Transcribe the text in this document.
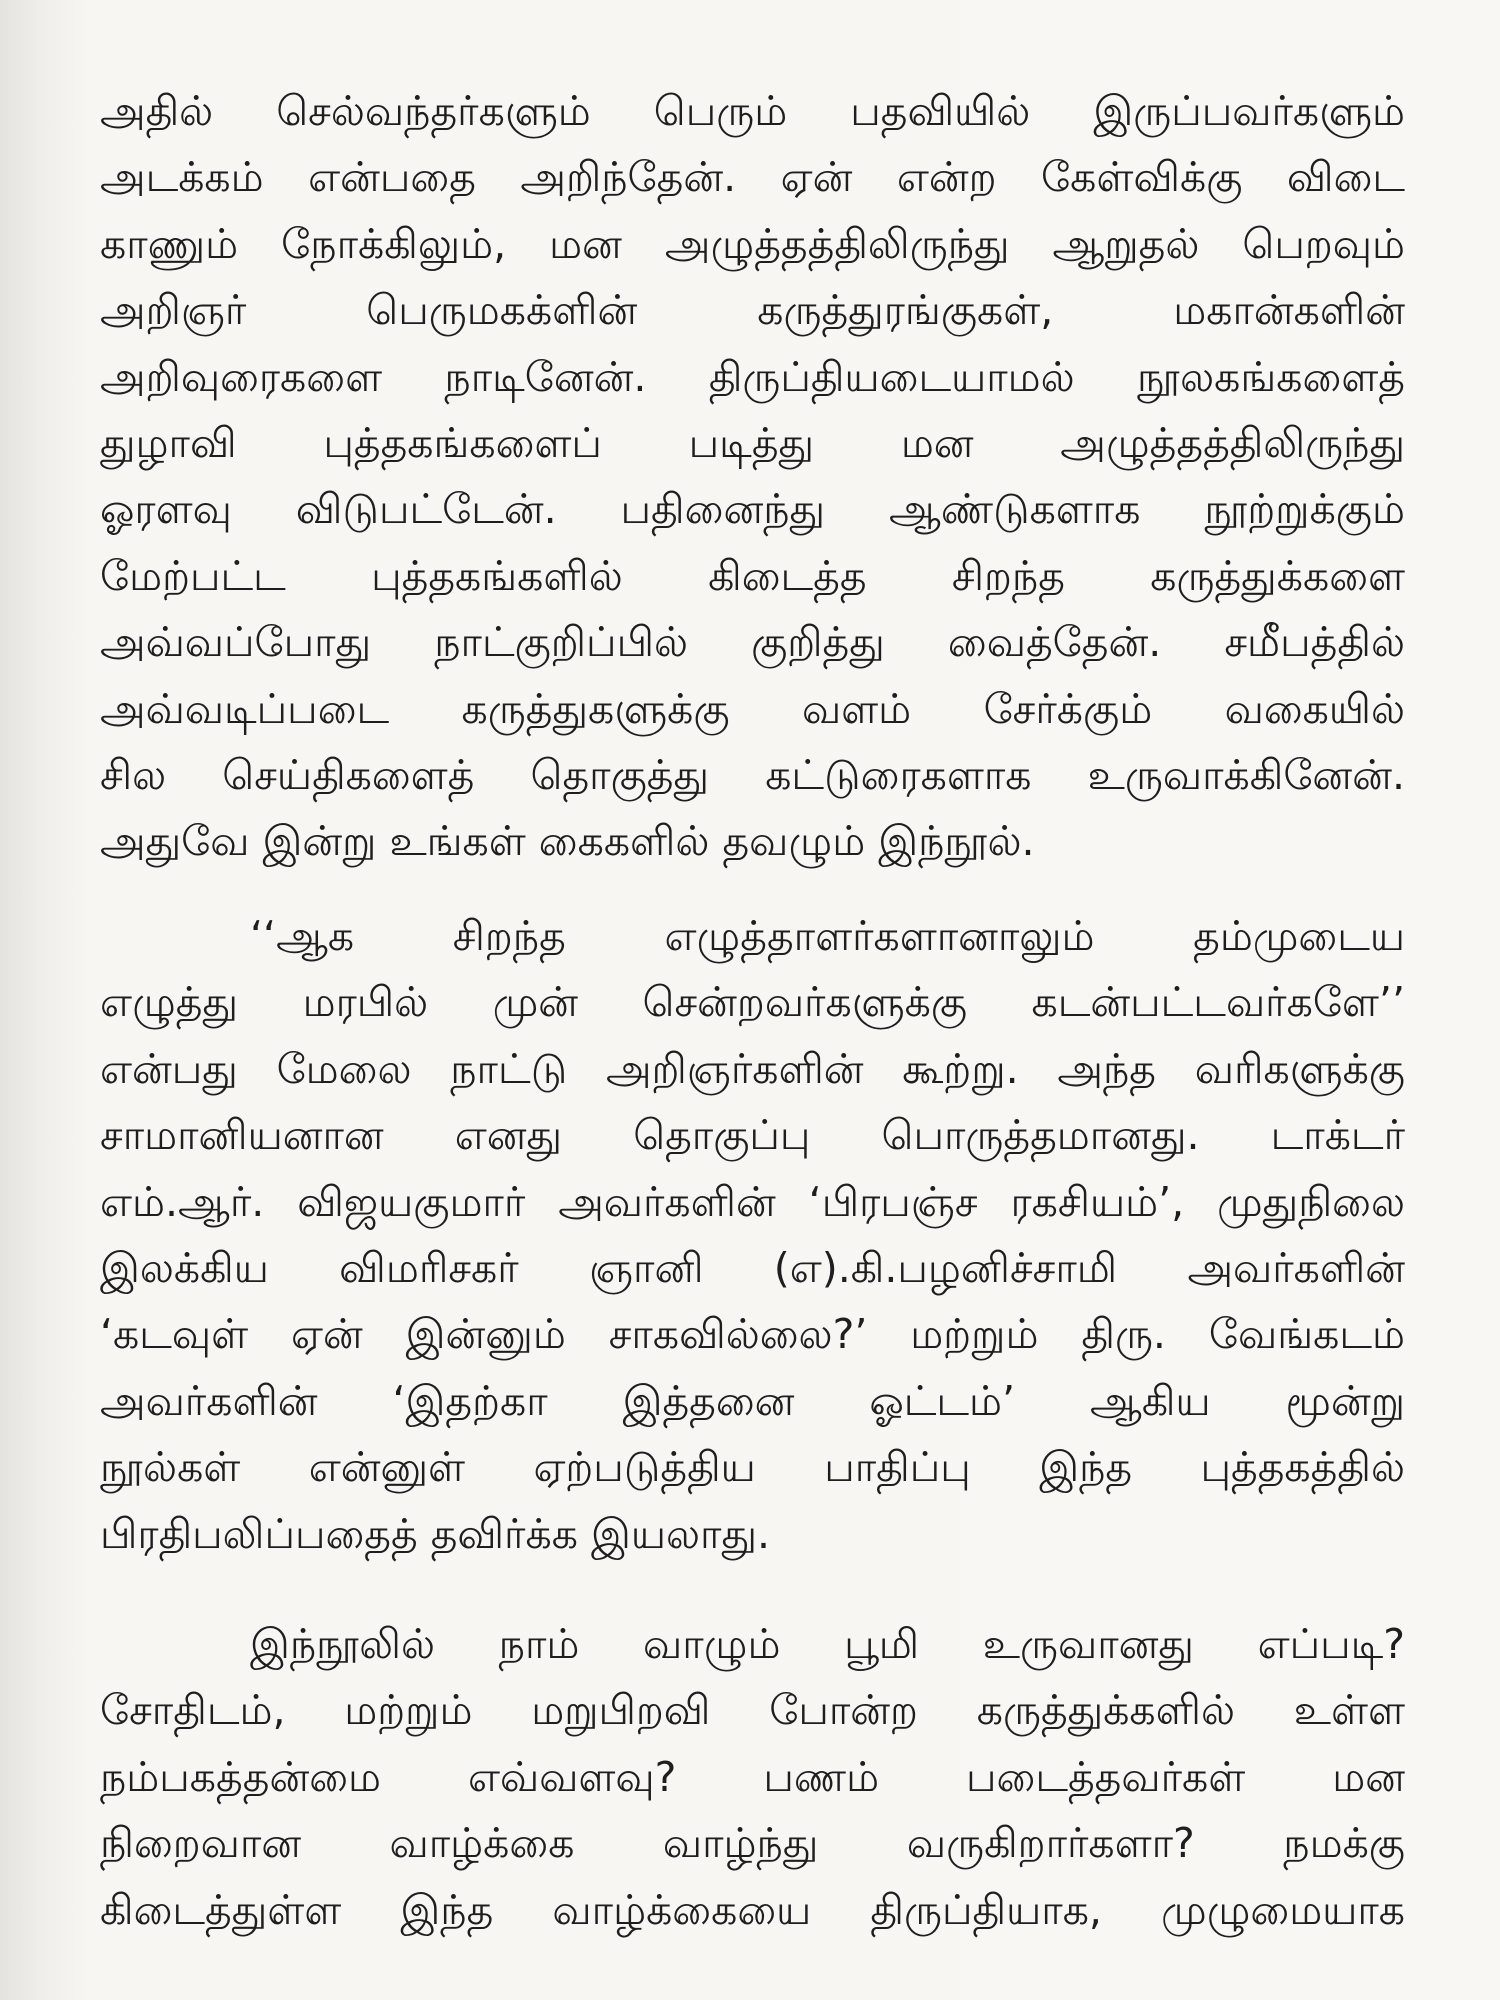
அதில் செல்வந்தர்களும் பெரும் பதவியில் இருப்பவர்களும்
அடக்கம் என்பதை அறிந்தேன். ஏன் என்ற கேள்விக்கு விடை
காணும் நோக்கிலும், மன அழுத்தத்திலிருந்து ஆறுதல் பெறவும்
அறிஞர் பெருமகக்ளின் கருத்துரங்குகள், மகான்களின்
அறிவுரைகளை நாடினேன். திருப்தியடையாமல் நூலகங்களைத்
துழாவி புத்தகங்களைப் படித்து மன அழுத்தத்திலிருந்து
ஓரளவு விடுபட்டேன். பதினைந்து ஆண்டுகளாக நூற்றுக்கும்
மேற்பட்ட புத்தகங்களில் கிடைத்த சிறந்த கருத்துக்களை
அவ்வப்போது நாட்குறிப்பில் குறித்து வைத்தேன். சமீபத்தில்
அவ்வடிப்படை கருத்துகளுக்கு வளம் சேர்க்கும் வகையில்
சில செய்திகளைத் தொகுத்து கட்டுரைகளாக உருவாக்கினேன்.
அதுவே இன்று உங்கள் கைகளில் தவழும் இந்நூல்.

‘‘ஆக சிறந்த எழுத்தாளர்களானாலும் தம்முடைய
எழுத்து மரபில் முன் சென்றவர்களுக்கு கடன்பட்டவர்களே’’
என்பது மேலை நாட்டு அறிஞர்களின் கூற்று. அந்த வரிகளுக்கு
சாமானியனான எனது தொகுப்பு பொருத்தமானது. டாக்டர்
எம்.ஆர். விஜயகுமார் அவர்களின் ‘பிரபஞ்ச ரகசியம்’, முதுநிலை
இலக்கிய விமரிசகர் ஞானி (எ).கி.பழனிச்சாமி அவர்களின்
‘கடவுள் ஏன் இன்னும் சாகவில்லை?’ மற்றும் திரு. வேங்கடம்
அவர்களின் ‘இதற்கா இத்தனை ஓட்டம்’ ஆகிய மூன்று
நூல்கள் என்னுள் ஏற்படுத்திய பாதிப்பு இந்த புத்தகத்தில்
பிரதிபலிப்பதைத் தவிர்க்க இயலாது.

இந்நூலில் நாம் வாழும் பூமி உருவானது எப்படி?
சோதிடம், மற்றும் மறுபிறவி போன்ற கருத்துக்களில் உள்ள
நம்பகத்தன்மை எவ்வளவு? பணம் படைத்தவர்கள் மன
நிறைவான வாழ்க்கை வாழ்ந்து வருகிறார்களா? நமக்கு
கிடைத்துள்ள இந்த வாழ்க்கையை திருப்தியாக, முழுமையாக
